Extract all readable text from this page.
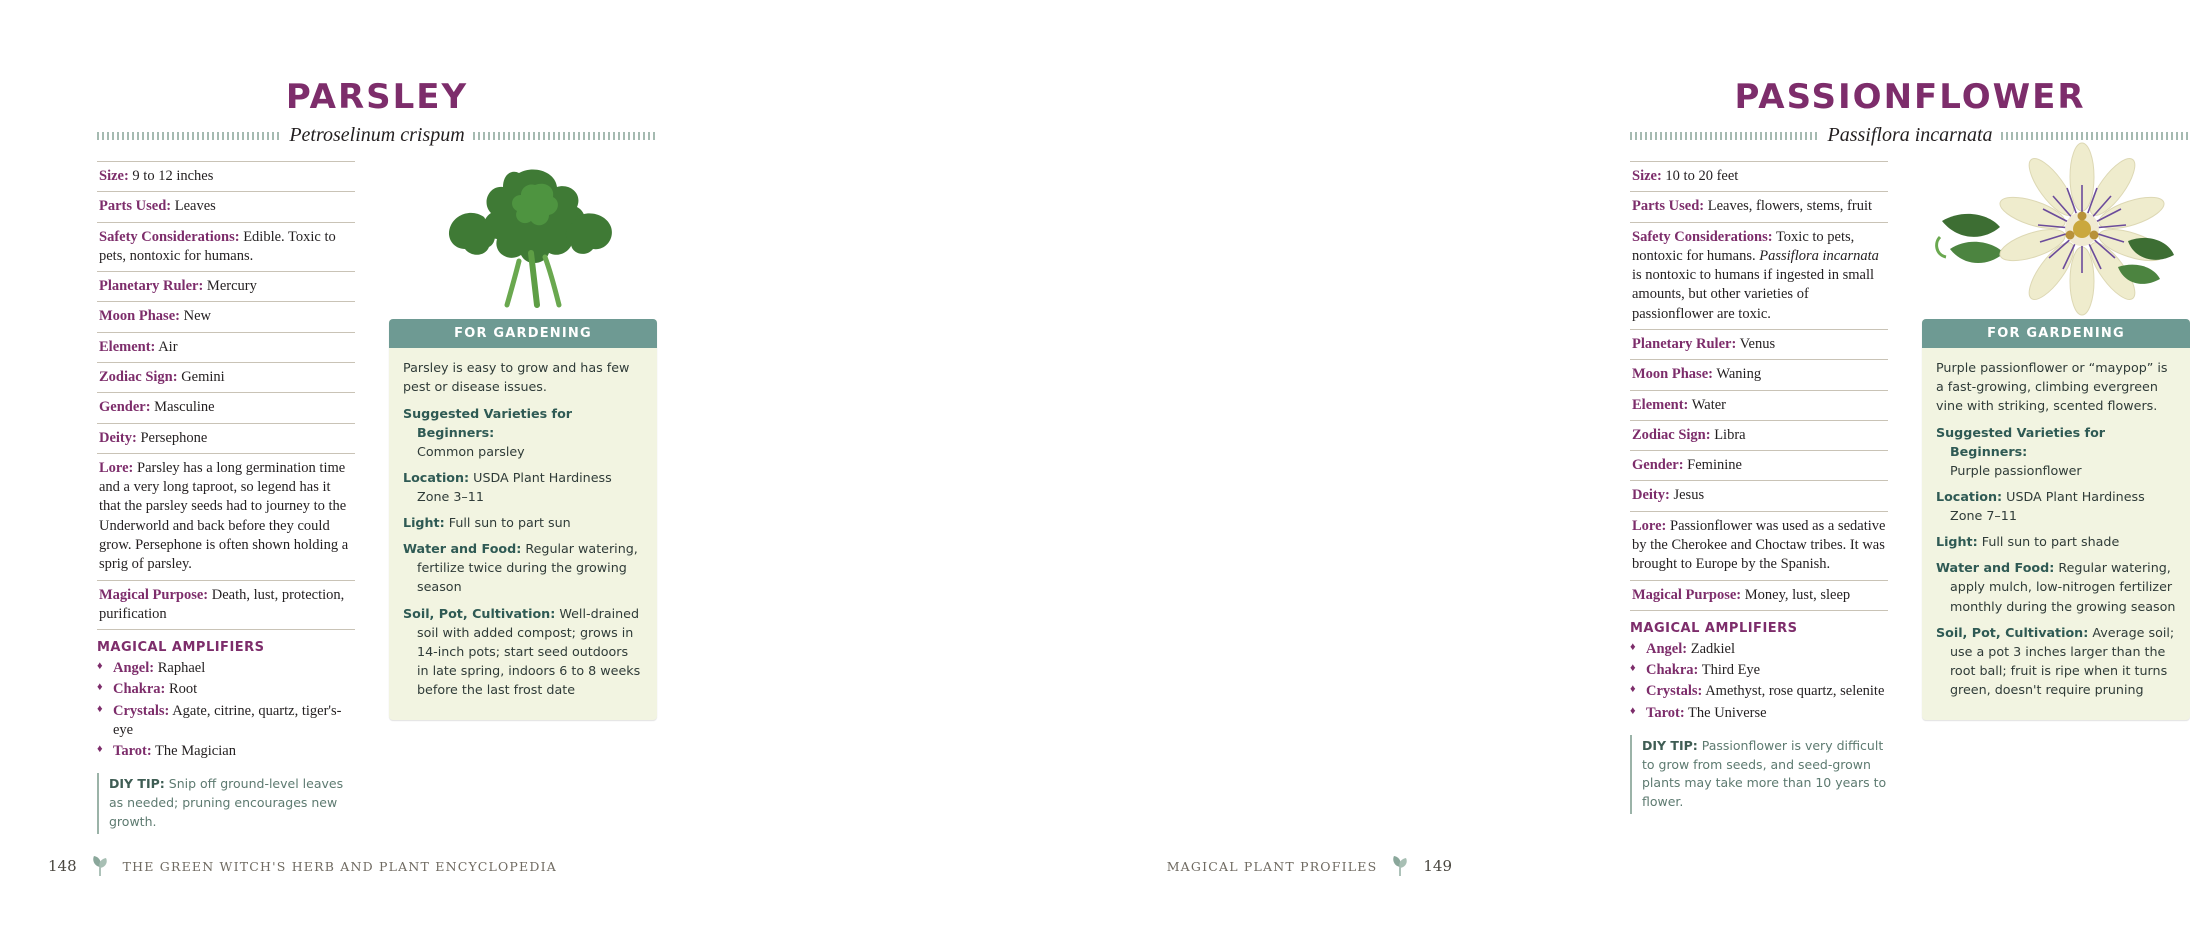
PARSLEY
Petroselinum crispum
Size: 9 to 12 inches
Parts Used: Leaves
Safety Considerations: Edible. Toxic to pets, nontoxic for humans.
Planetary Ruler: Mercury
Moon Phase: New
Element: Air
Zodiac Sign: Gemini
Gender: Masculine
Deity: Persephone
Lore: Parsley has a long germination time and a very long taproot, so legend has it that the parsley seeds had to journey to the Underworld and back before they could grow. Persephone is often shown holding a sprig of parsley.
Magical Purpose: Death, lust, protection, purification
MAGICAL AMPLIFIERS
♦ Angel: Raphael
♦ Chakra: Root
♦ Crystals: Agate, citrine, quartz, tiger's-eye
♦ Tarot: The Magician
DIY TIP: Snip off ground-level leaves as needed; pruning encourages new growth.
FOR GARDENING

Parsley is easy to grow and has few pest or disease issues.

Suggested Varieties for Beginners:
Common parsley
Location: USDA Plant Hardiness Zone 3–11
Light: Full sun to part sun
Water and Food: Regular watering, fertilize twice during the growing season
Soil, Pot, Cultivation: Well-drained soil with added compost; grows in 14-inch pots; start seed outdoors in late spring, indoors 6 to 8 weeks before the last frost date
148	THE GREEN WITCH'S HERB AND PLANT ENCYCLOPEDIA
PASSIONFLOWER
Passiflora incarnata
Size: 10 to 20 feet
Parts Used: Leaves, flowers, stems, fruit
Safety Considerations: Toxic to pets, nontoxic for humans. Passiflora incarnata is nontoxic to humans if ingested in small amounts, but other varieties of passionflower are toxic.
Planetary Ruler: Venus
Moon Phase: Waning
Element: Water
Zodiac Sign: Libra
Gender: Feminine
Deity: Jesus
Lore: Passionflower was used as a sedative by the Cherokee and Choctaw tribes. It was brought to Europe by the Spanish.
Magical Purpose: Money, lust, sleep
MAGICAL AMPLIFIERS
♦ Angel: Zadkiel
♦ Chakra: Third Eye
♦ Crystals: Amethyst, rose quartz, selenite
♦ Tarot: The Universe
DIY TIP: Passionflower is very difficult to grow from seeds, and seed-grown plants may take more than 10 years to flower.
FOR GARDENING

Purple passionflower or “maypop” is a fast-growing, climbing evergreen vine with striking, scented flowers.

Suggested Varieties for Beginners:
Purple passionflower
Location: USDA Plant Hardiness Zone 7–11
Light: Full sun to part shade
Water and Food: Regular watering, apply mulch, low-nitrogen fertilizer monthly during the growing season
Soil, Pot, Cultivation: Average soil; use a pot 3 inches larger than the root ball; fruit is ripe when it turns green, doesn't require pruning
MAGICAL PLANT PROFILES	149
